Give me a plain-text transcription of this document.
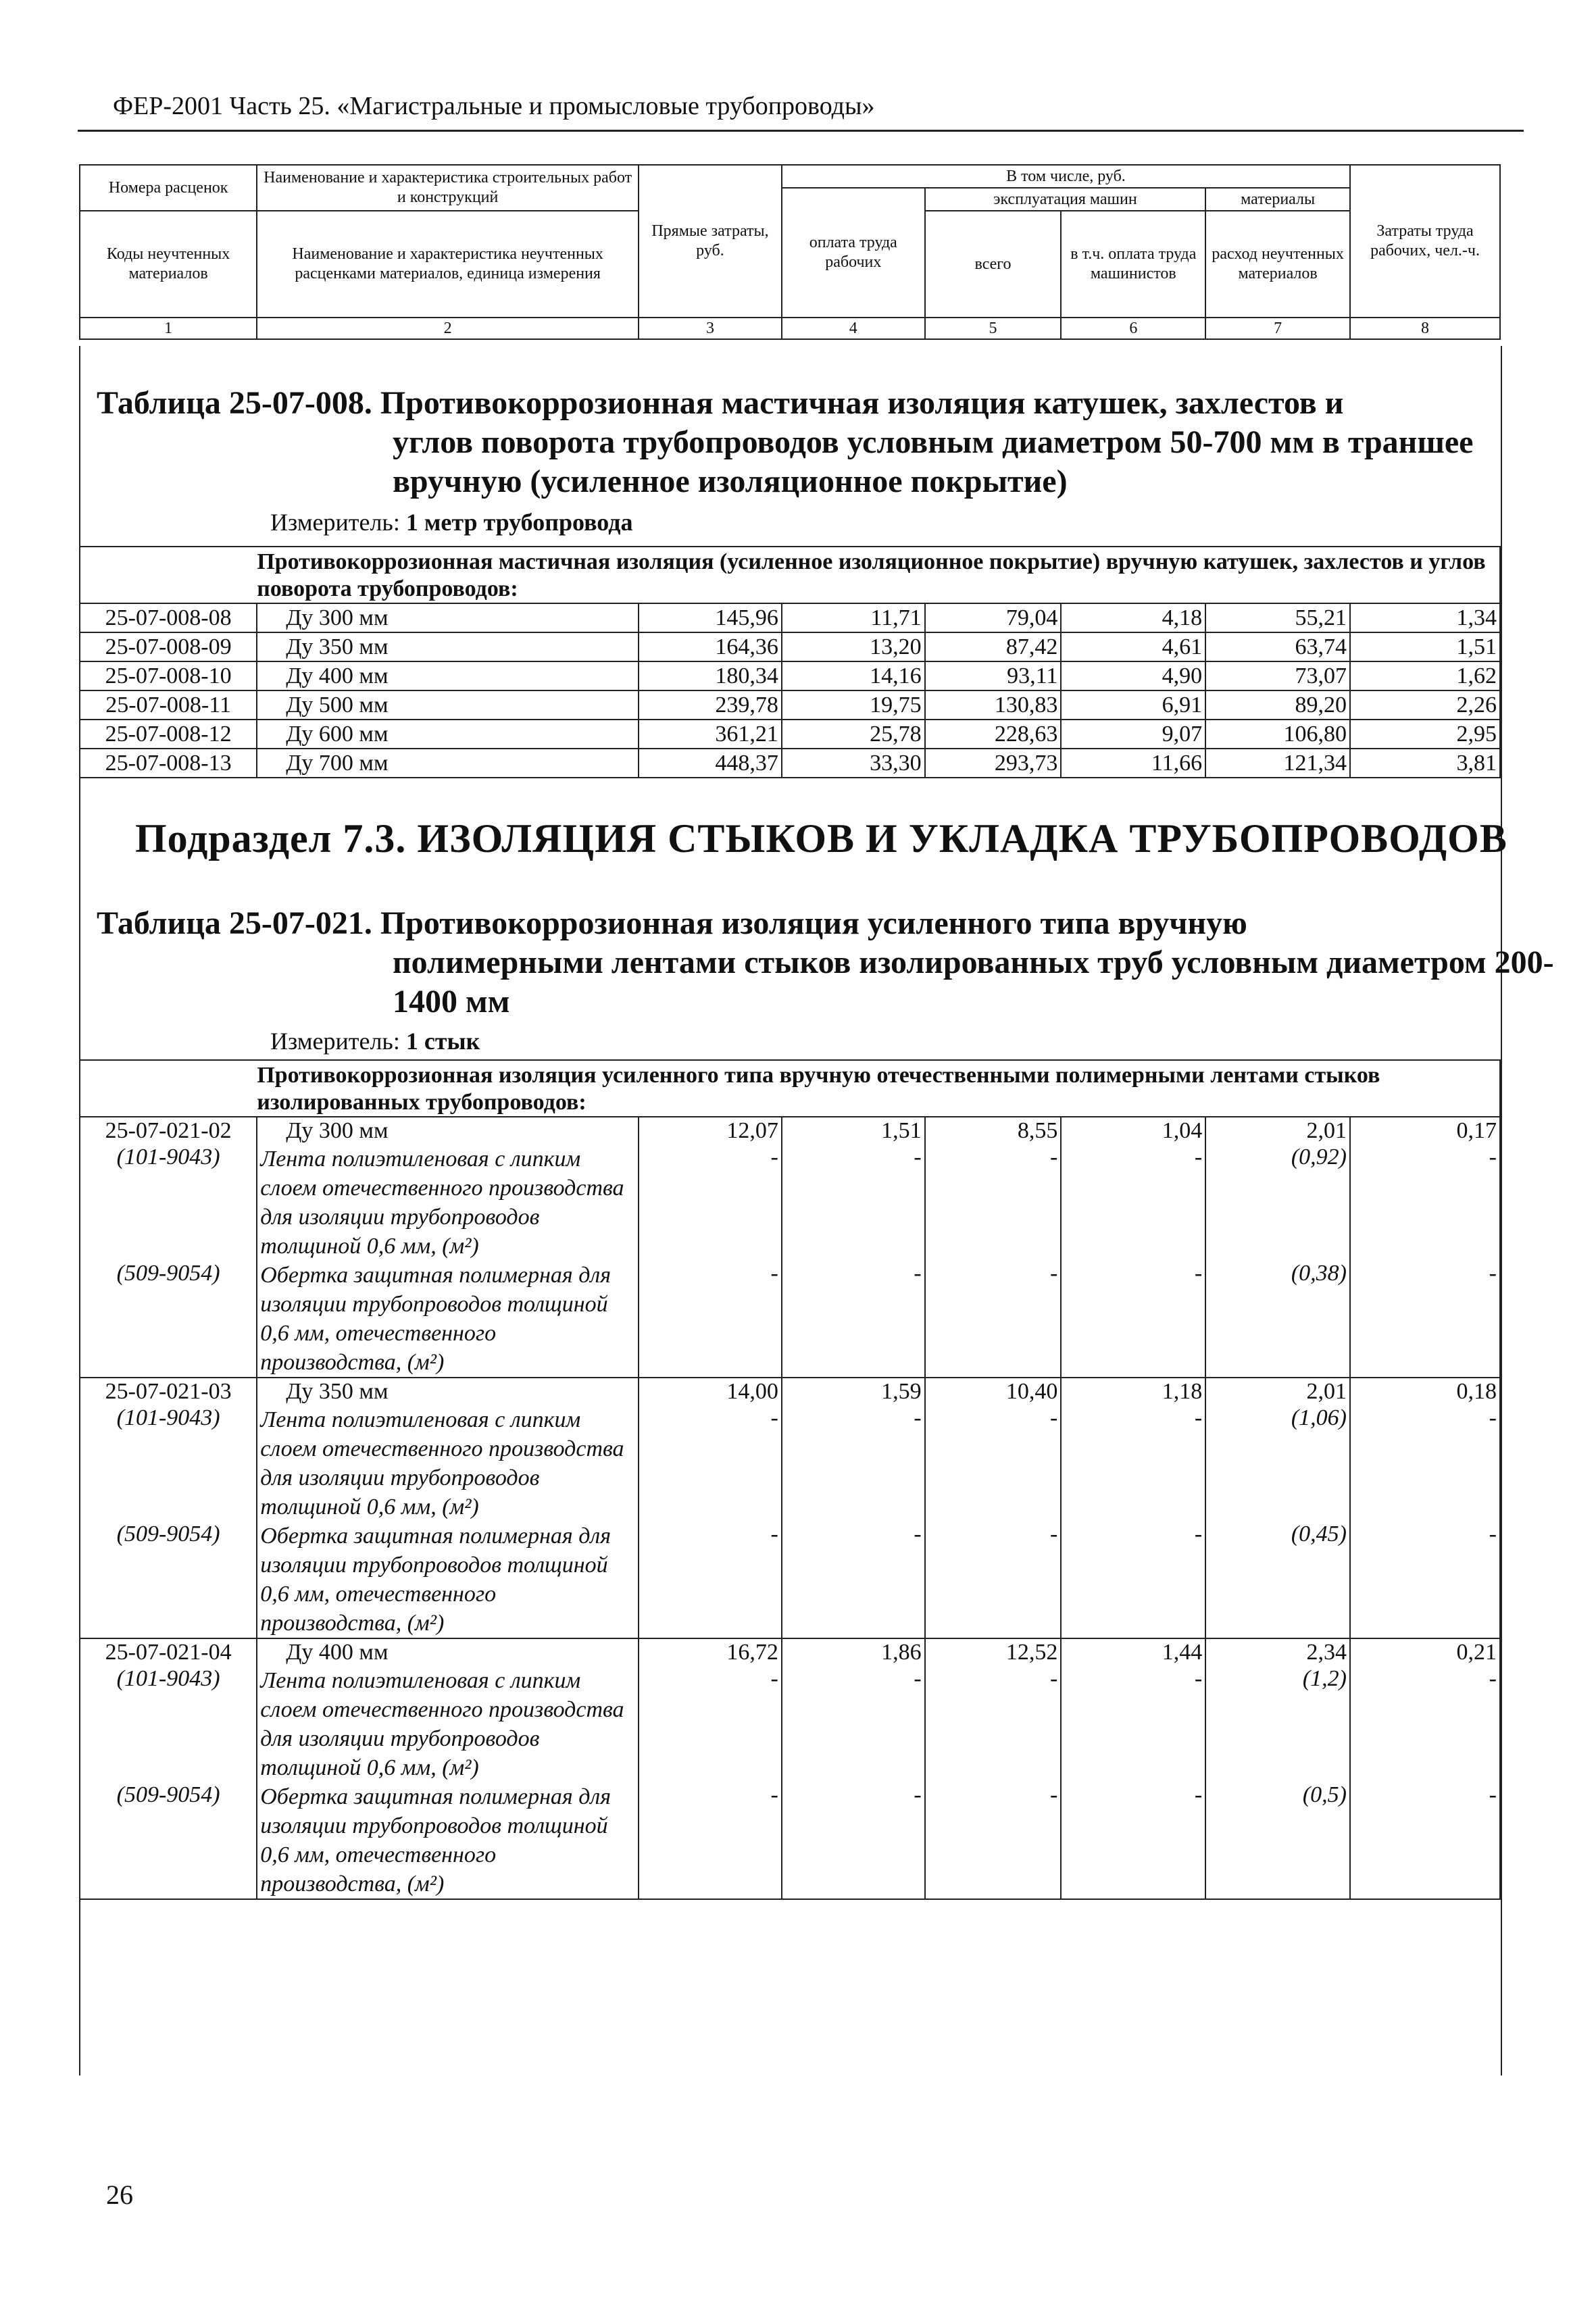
ФЕР-2001 Часть 25. «Магистральные и промысловые трубопроводы»
Номера расценок	Наименование и характеристика строительных работ и конструкций	Прямые затраты, руб.	В том числе, руб.				Затраты труда рабочих, чел.-ч.
			оплата труда рабочих	эксплуатация машин		материалы	
Коды неучтенных материалов	Наименование и характеристика неучтенных расценками материалов, единица измерения			всего	в т.ч. оплата труда машинистов	расход неучтенных материалов	

1	2	3	4	5	6	7	8
Таблица 25-07-008. Противокоррозионная мастичная изоляция катушек, захлестов и
углов поворота трубопроводов условным диаметром 50-700 мм в траншее вручную (усиленное изоляционное покрытие)
Измеритель: 1 метр трубопровода
	Противокоррозионная мастичная изоляция (усиленное изоляционное покрытие) вручную катушек, захлестов и углов поворота трубопроводов:						
25-07-008-08	Ду 300 мм	145,96	11,71	79,04	4,18	55,21	1,34
25-07-008-09	Ду 350 мм	164,36	13,20	87,42	4,61	63,74	1,51
25-07-008-10	Ду 400 мм	180,34	14,16	93,11	4,90	73,07	1,62
25-07-008-11	Ду 500 мм	239,78	19,75	130,83	6,91	89,20	2,26
25-07-008-12	Ду 600 мм	361,21	25,78	228,63	9,07	106,80	2,95
25-07-008-13	Ду 700 мм	448,37	33,30	293,73	11,66	121,34	3,81
Подраздел 7.3. ИЗОЛЯЦИЯ СТЫКОВ И УКЛАДКА ТРУБОПРОВОДОВ
Таблица 25-07-021. Противокоррозионная изоляция усиленного типа вручную
полимерными лентами стыков изолированных труб условным диаметром 200-1400 мм
Измеритель: 1 стык
	Противокоррозионная изоляция усиленного типа вручную отечественными полимерными лентами стыков изолированных трубопроводов:						
25-07-021-02	Ду 300 мм	12,07	1,51	8,55	1,04	2,01	0,17
(101-9043)	Лента полиэтиленовая с липким слоем отечественного производства для изоляции трубопроводов толщиной 0,6 мм, (м²)	-	-	-	-	(0,92)	-
(509-9054)	Обертка защитная полимерная для изоляции трубопроводов толщиной 0,6 мм, отечественного производства, (м²)	-	-	-	-	(0,38)	-
25-07-021-03	Ду 350 мм	14,00	1,59	10,40	1,18	2,01	0,18
(101-9043)	Лента полиэтиленовая с липким слоем отечественного производства для изоляции трубопроводов толщиной 0,6 мм, (м²)	-	-	-	-	(1,06)	-
(509-9054)	Обертка защитная полимерная для изоляции трубопроводов толщиной 0,6 мм, отечественного производства, (м²)	-	-	-	-	(0,45)	-
25-07-021-04	Ду 400 мм	16,72	1,86	12,52	1,44	2,34	0,21
(101-9043)	Лента полиэтиленовая с липким слоем отечественного производства для изоляции трубопроводов толщиной 0,6 мм, (м²)	-	-	-	-	(1,2)	-
(509-9054)	Обертка защитная полимерная для изоляции трубопроводов толщиной 0,6 мм, отечественного производства, (м²)	-	-	-	-	(0,5)	-
26
